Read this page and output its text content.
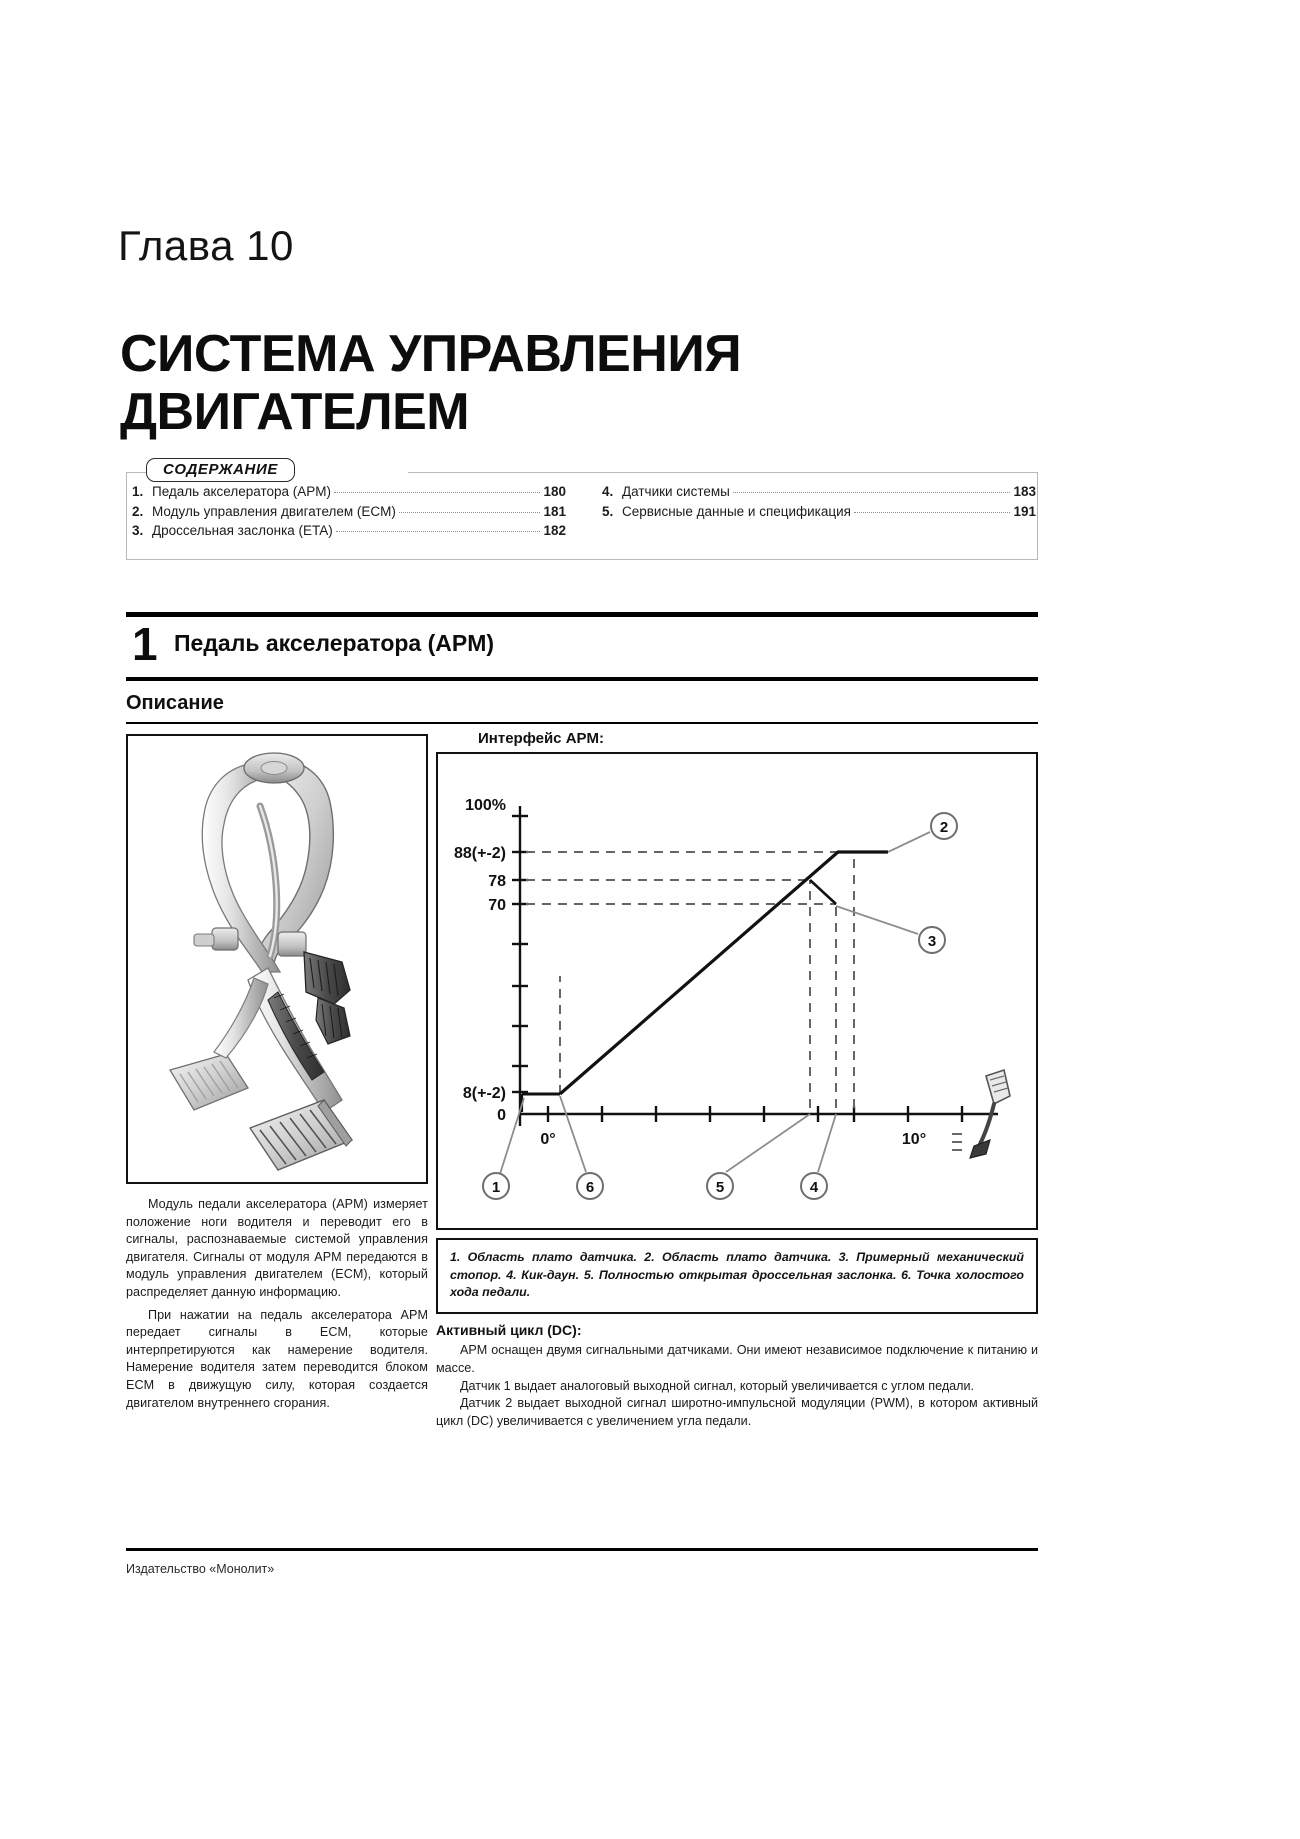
Глава 10
СИСТЕМА УПРАВЛЕНИЯ
ДВИГАТЕЛЕМ
СОДЕРЖАНИЕ
1. Педаль акселератора (APM)	180
2. Модуль управления двигателем (ECM)	181
3. Дроссельная заслонка (ETA)	182
4. Датчики системы	183
5. Сервисные данные и спецификация	191
1 Педаль акселератора (APM)
Описание

Модуль педали акселератора (APM) измеряет положение ноги водителя и переводит его в сигналы, распознаваемые системой управления двигателя. Сигналы от модуля APM передаются в модуль управления двигателем (ECM), который распределяет данную информацию.

При нажатии на педаль акселератора APM передает сигналы в ECM, которые интерпретируются как намерение водителя. Намерение водителя затем переводится блоком ECM в движущую силу, которая создается двигателом внутреннего сгорания.

Интерфейс APM:
100%
88(+-2)
78
70
8(+-2)
0
0°	10°
1
2
3
4
5
6
1. Область плато датчика. 2. Область плато датчика. 3. Примерный механический стопор. 4. Кик-даун. 5. Полностью открытая дроссельная заслонка. 6. Точка холостого хода педали.
Активный цикл (DC):

APM оснащен двумя сигнальными датчиками. Они имеют независимое подключение к питанию и массе.

Датчик 1 выдает аналоговый выходной сигнал, который увеличивается с углом педали.

Датчик 2 выдает выходной сигнал широтно-импульсной модуляции (PWM), в котором активный цикл (DC) увеличивается с увеличением угла педали.

Издательство «Монолит»
